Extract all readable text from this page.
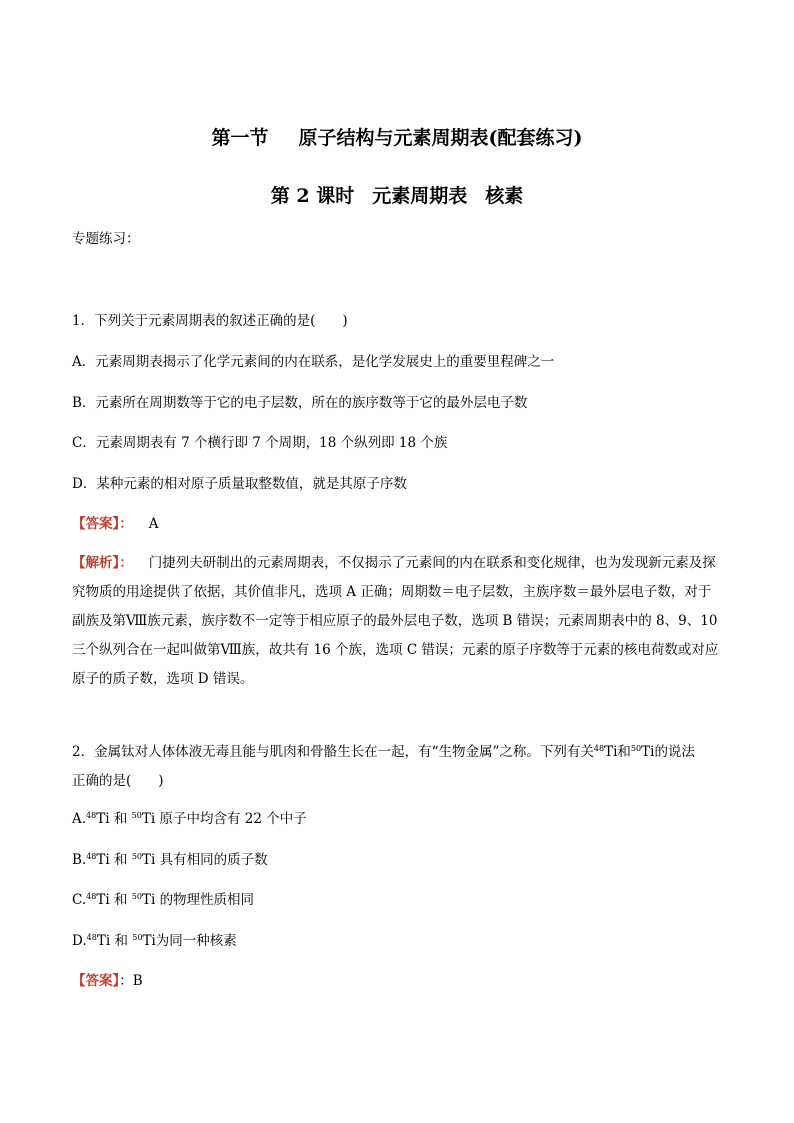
第一节 原子结构与元素周期表(配套练习)
第 2 课时 元素周期表 核素
专题练习：
1．下列关于元素周期表的叙述正确的是(　　)
A．元素周期表揭示了化学元素间的内在联系，是化学发展史上的重要里程碑之一
B．元素所在周期数等于它的电子层数，所在的族序数等于它的最外层电子数
C．元素周期表有 7 个横行即 7 个周期，18 个纵列即 18 个族
D．某种元素的相对原子质量取整数值，就是其原子序数
【答案】： A
【解析】： 门捷列夫研制出的元素周期表，不仅揭示了元素间的内在联系和变化规律，也为发现新元素及探究物质的用途提供了依据，其价值非凡，选项 A 正确；周期数＝电子层数，主族序数＝最外层电子数，对于副族及第Ⅷ族元素，族序数不一定等于相应原子的最外层电子数，选项 B 错误；元素周期表中的 8、9、10 三个纵列合在一起叫做第Ⅷ族，故共有 16 个族，选项 C 错误；元素的原子序数等于元素的核电荷数或对应原子的质子数，选项 D 错误。
2．金属钛对人体体液无毒且能与肌肉和骨骼生长在一起，有“生物金属”之称。下列有关$^{48}$Ti和$^{50}$Ti的说法
正确的是(　　)
A.$^{48}$Ti 和 $^{50}$Ti 原子中均含有 22 个中子
B.$^{48}$Ti 和 $^{50}$Ti 具有相同的质子数
C.$^{48}$Ti 和 $^{50}$Ti 的物理性质相同
D.$^{48}$Ti 和 $^{50}$Ti为同一种核素
【答案】：B
